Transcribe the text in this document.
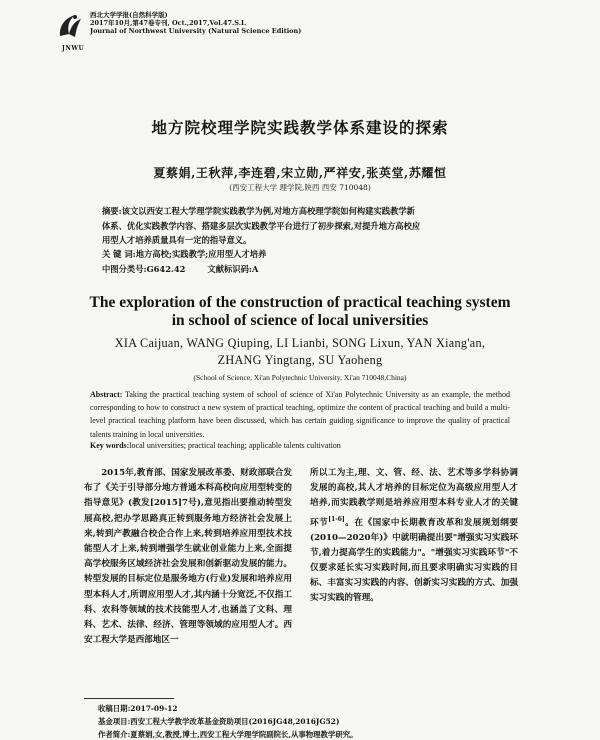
JNWU
西北大学学报(自然科学版)
2017年10月,第47卷专刊, Oct.,2017,Vol.47.S.I.
Journal of Northwest University (Natural Science Edition)
地方院校理学院实践教学体系建设的探索
夏蔡娟,王秋萍,李连碧,宋立勋,严祥安,张英堂,苏耀恒
(西安工程大学 理学院,陕西 西安 710048)

摘要:该文以西安工程大学理学院实践教学为例,对地方高校理学院如何构建实践教学新

体系、优化实践教学内容、搭建多层次实践教学平台进行了初步探索,对提升地方高校应

用型人才培养质量具有一定的指导意义。

关 键 词:地方高校;实践教学;应用型人才培养
中图分类号:G642.42	文献标识码:A
The exploration of the construction of practical teaching system
in school of science of local universities
XIA Caijuan, WANG Qiuping, LI Lianbi, SONG Lixun, YAN Xiang'an,
ZHANG Yingtang, SU Yaoheng
(School of Science, Xi'an Polytechnic University, Xi'an 710048,China)
Abstract: Taking the practical teaching system of school of science of Xi'an Polytechnic University as an example, the method corresponding to how to construct a new system of practical teaching, optimize the content of practical teaching and build a multi-level practical teaching platform have been discussed, which has certain guiding significance to improve the quality of practical talents training in local universities.
Key words:local universities; practical teaching; applicable talents cultivation

2015年,教育部、国家发展改革委、财政部联合发布了《关于引导部分地方普通本科高校向应用型转变的指导意见》(教发[2015]7号),意见指出要推动转型发展高校,把办学思路真正转到服务地方经济社会发展上来,转到产教融合校企合作上来,转到培养应用型技术技能型人才上来,转到增强学生就业创业能力上来,全面提高学校服务区域经济社会发展和创新驱动发展的能力。转型发展的目标定位是服务地方(行业)发展和培养应用型本科人才,所谓应用型人才,其内涵十分宽泛,不仅指工科、农科等领域的技术技能型人才,也涵盖了文科、理科、艺术、法律、经济、管理等领域的应用型人才。西安工程大学是西部地区一

所以工为主,理、文、管、经、法、艺术等多学科协调发展的高校,其人才培养的目标定位为高级应用型人才培养,而实践教学则是培养应用型本科专业人才的关键环节[1-6]。在《国家中长期教育改革和发展规划纲要(2010—2020年)》中就明确提出要"增强实习实践环节,着力提高学生的实践能力"。"增强实习实践环节"不仅要求延长实习实践时间,而且要求明确实习实践的目标、丰富实习实践的内容、创新实习实践的方式、加强实习实践的管理。

收稿日期:2017-09-12
基金项目:西安工程大学教学改革基金资助项目(2016JG48,2016JG52)
作者简介:夏蔡娟,女,教授,博士,西安工程大学理学院副院长,从事物理教学研究。
